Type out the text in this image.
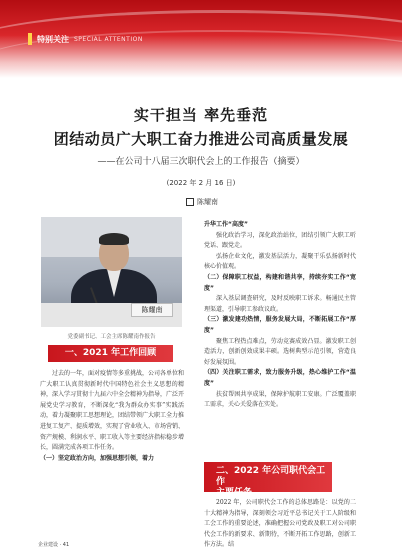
特别关注 SPECIAL ATTENTION
实干担当 率先垂范
团结动员广大职工奋力推进公司高质量发展
——在公司十八届三次职代会上的工作报告（摘要）
(2022 年 2 月 16 日)
陈耀南
陈耀南
党委副书记、工会主席陈耀南作报告
一、2021 年工作回顾

过去的一年，面对疫情等多重挑战，公司各单位和广大职工认真贯彻新时代中国特色社会主义思想的精神，深入学习贯彻十九届六中全会精神为指导，广泛开展党史学习教育，不断深化“我为群众办实事”实践活动，着力凝聚职工思想理论，团结带领广大职工全力推进复工复产、提质增效，实现了营业收入、市场营销、资产规模、利润水平、职工收入等主要经济指标稳步增长，圆满完成各项工作任务。

（一）坚定政治方向，加强思想引领，着力

升华工作“高度”

强化政治学习，深化政治站位，团结引领广大职工听党话、跟党走。

弘扬企业文化，激发基层活力，凝聚干乐弘扬新时代核心价值观。

（二）保障职工权益，构建和谐共享，持续夯实工作“宽度”

深入基层调查研究，及时反映职工诉求。畅通民主管理渠道，引导职工参政议政。

（三）激发建功热情，服务发展大局，不断拓展工作“厚度”

聚焦工程热点难点，劳动竞赛成效凸显。激发职工创造活力，创新创效成果丰硕。选树典型示范引领，营造良好发展氛围。

（四）关注职工需求，致力服务升级，热心维护工作“温度”

扶贫帮困共享成果，保障护航职工安康。广泛覆盖职工需求，关心关爱落在实处。

二、2022 年公司职代会工作
主要任务

2022 年，公司职代会工作的总体思路是：以党的二十大精神为指导，深刻领会习近平总书记关于工人阶级和工会工作的重要论述，准确把握公司党政及职工对公司职代会工作的新要求、新期待，不断开拓工作思路，创新工作方法。结

企业建设 · 41
